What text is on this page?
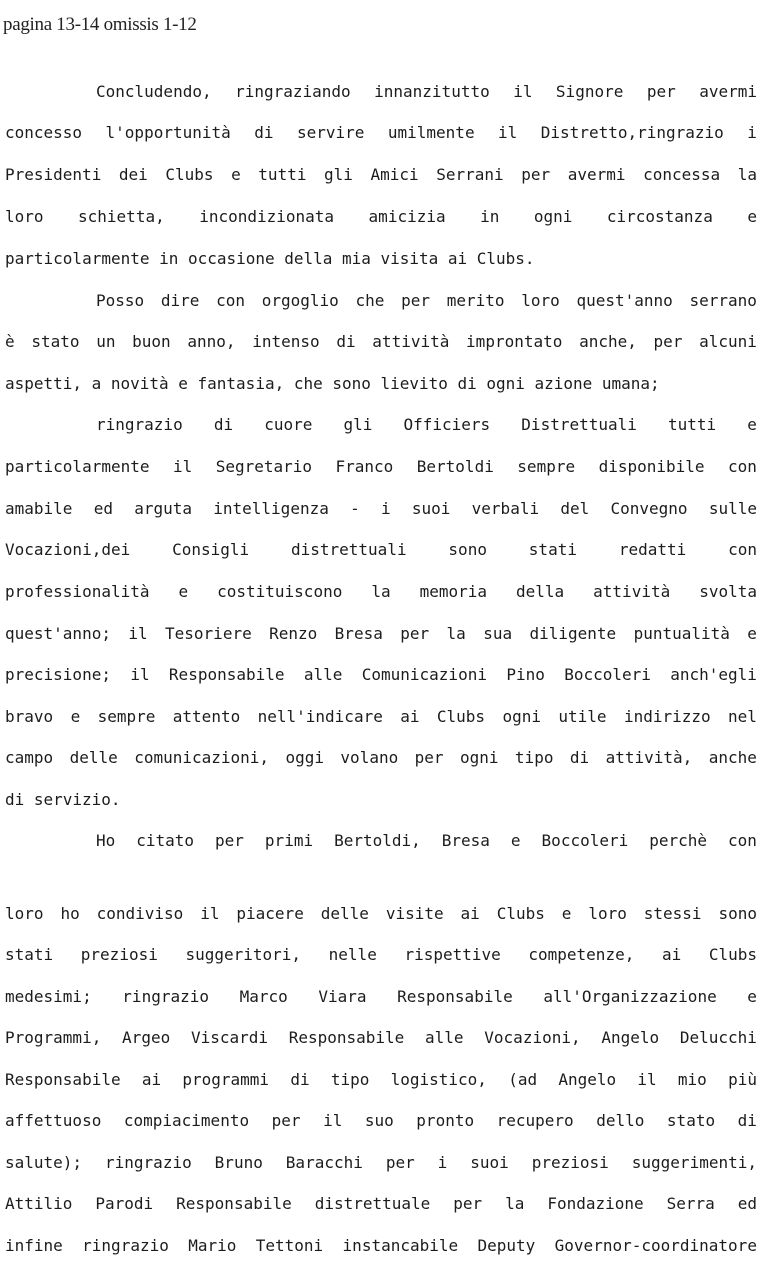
pagina 13-14 omissis 1-12
Concludendo, ringraziando innanzitutto il Signore per avermi
concesso l'opportunità di servire umilmente il Distretto,ringrazio i
Presidenti dei Clubs e tutti gli Amici Serrani per avermi concessa la
loro schietta, incondizionata amicizia in ogni circostanza e
particolarmente in occasione della mia visita ai Clubs.
Posso dire con orgoglio che per merito loro quest'anno serrano
è stato un buon anno, intenso di attività improntato anche, per alcuni
aspetti, a novità e fantasia, che sono lievito di ogni azione umana;
ringrazio di cuore gli Officiers Distrettuali tutti e
particolarmente il Segretario Franco Bertoldi sempre disponibile con
amabile ed arguta intelligenza - i suoi verbali del Convegno sulle
Vocazioni,dei	Consigli	distrettuali	sono	stati	redatti	con
professionalità e costituiscono la memoria della attività svolta
quest'anno; il Tesoriere Renzo Bresa per la sua diligente puntualità e
precisione; il Responsabile alle Comunicazioni Pino Boccoleri anch'egli
bravo e sempre attento nell'indicare ai Clubs ogni utile indirizzo nel
campo delle comunicazioni, oggi volano per ogni tipo di attività, anche
di servizio.
Ho citato per primi Bertoldi, Bresa e Boccoleri perchè con
loro ho condiviso il piacere delle visite ai Clubs e loro stessi sono
stati preziosi suggeritori, nelle rispettive competenze, ai Clubs
medesimi; ringrazio Marco Viara Responsabile all'Organizzazione e
Programmi, Argeo Viscardi Responsabile alle Vocazioni, Angelo Delucchi
Responsabile ai programmi di tipo logistico, (ad Angelo il mio più
affettuoso compiacimento per il suo pronto recupero dello stato di
salute); ringrazio Bruno Baracchi per i suoi preziosi suggerimenti,
Attilio Parodi Responsabile distrettuale per la Fondazione Serra ed
infine ringrazio Mario Tettoni instancabile Deputy Governor-coordinatore
